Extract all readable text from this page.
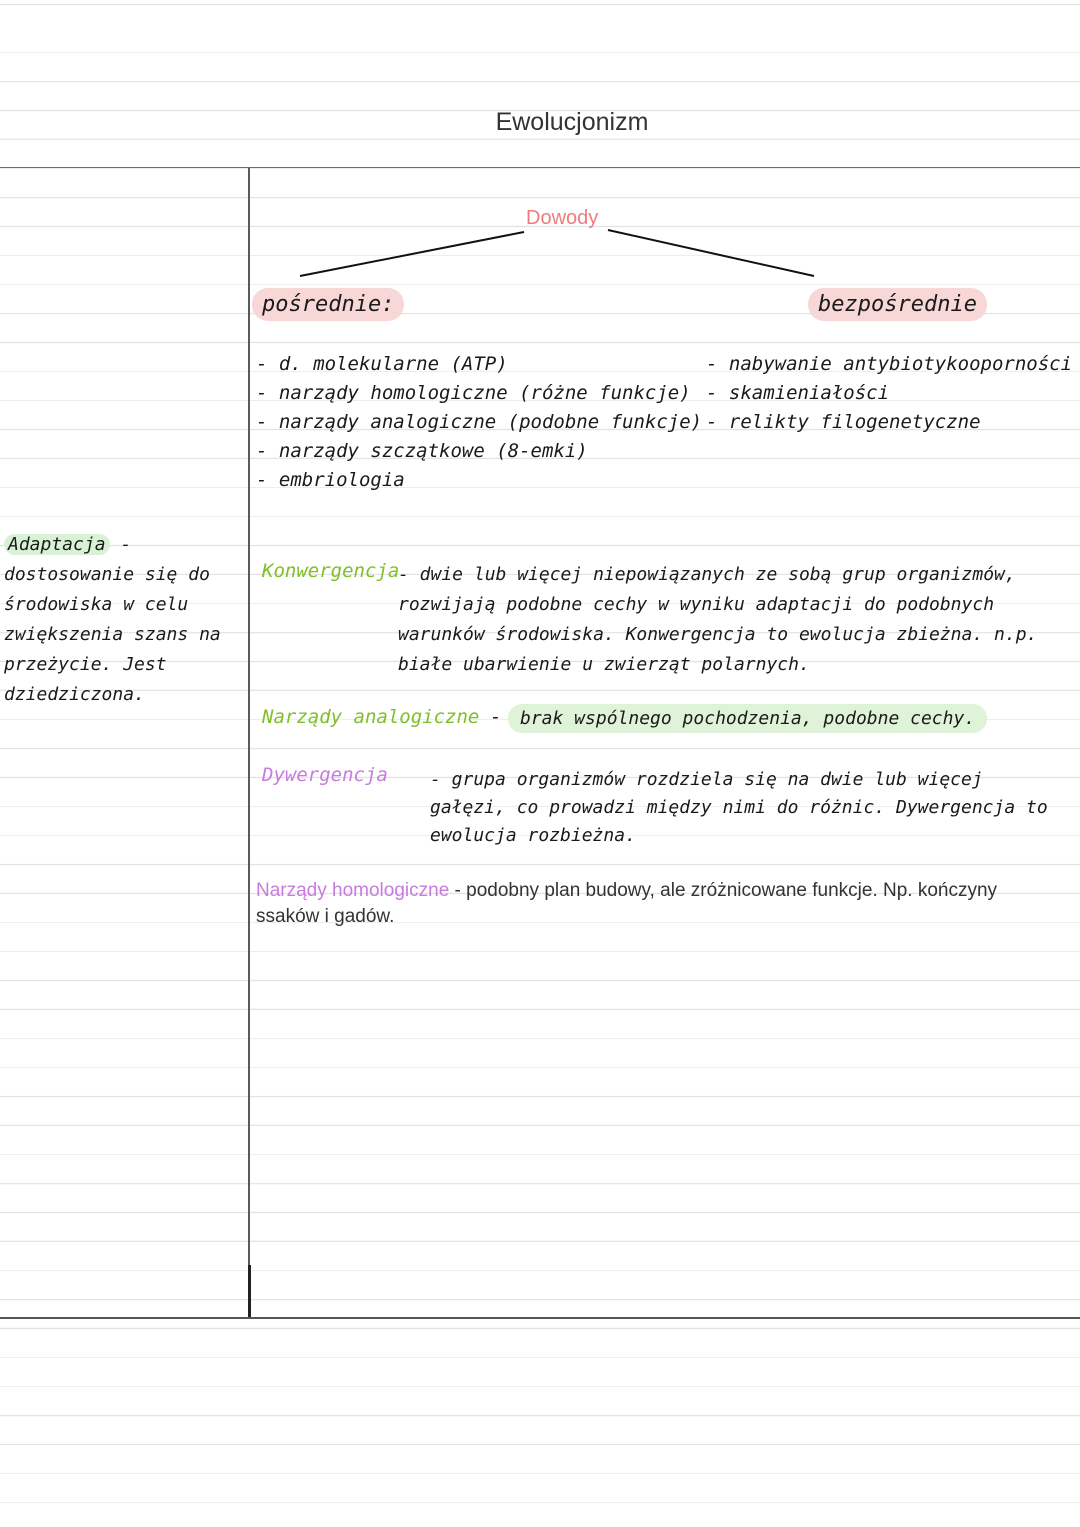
Ewolucjonizm
Dowody
pośrednie:	bezpośrednie
- d. molekularne (ATP)
- narządy homologiczne (różne funkcje)
- narządy analogiczne (podobne funkcje)
- narządy szczątkowe (8-emki)
- embriologia
- nabywanie antybiotykooporności
- skamieniałości
- relikty filogenetyczne
Adaptacja - dostosowanie się do środowiska w celu zwiększenia szans na przeżycie. Jest dziedziczona.
Konwergencja
- dwie lub więcej niepowiązanych ze sobą grup organizmów, rozwijają podobne cechy w wyniku adaptacji do podobnych warunków środowiska. Konwergencja to ewolucja zbieżna. n.p. białe ubarwienie u zwierząt polarnych.
Narządy analogiczne -	brak wspólnego pochodzenia, podobne cechy.
Dywergencja - grupa organizmów rozdziela się na dwie lub więcej gałęzi, co prowadzi między nimi do różnic. Dywergencja to ewolucja rozbieżna.
Narządy homologiczne - podobny plan budowy, ale zróżnicowane funkcje. Np. kończyny ssaków i gadów.
